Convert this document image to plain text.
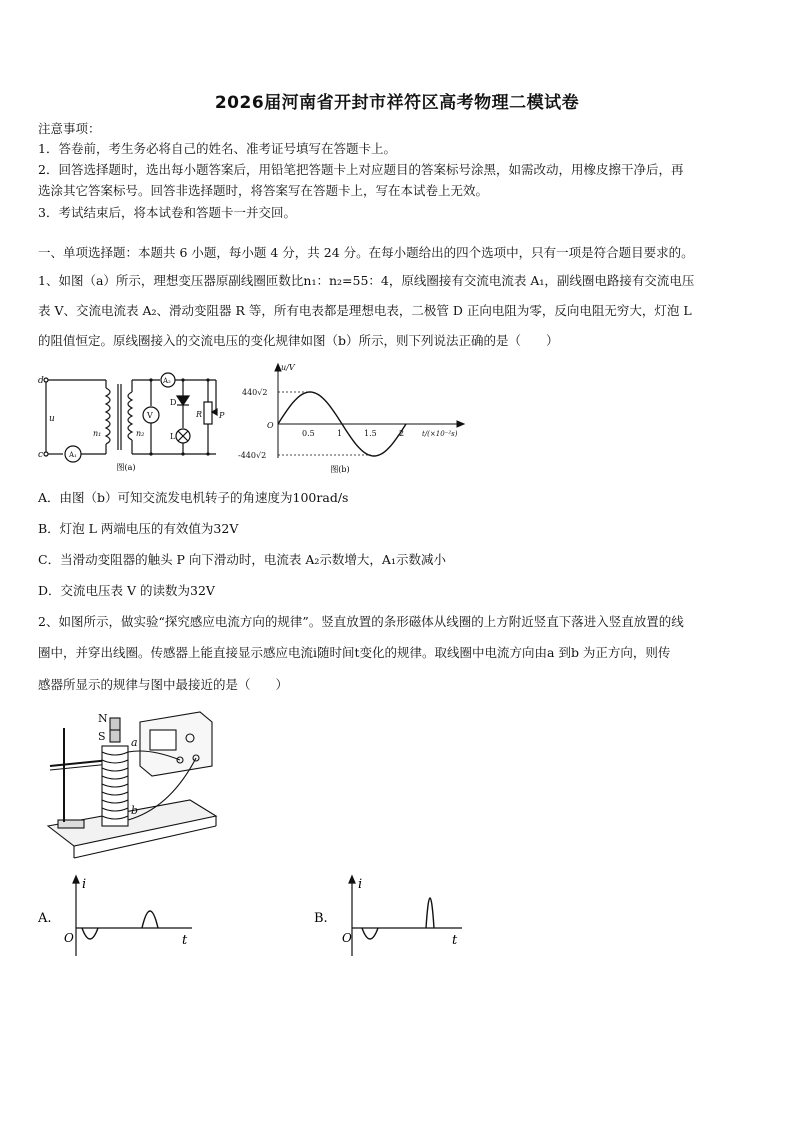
2026届河南省开封市祥符区高考物理二模试卷
注意事项：
1．答卷前，考生务必将自己的姓名、准考证号填写在答题卡上。
2．回答选择题时，选出每小题答案后，用铅笔把答题卡上对应题目的答案标号涂黑，如需改动，用橡皮擦干净后，再
选涂其它答案标号。回答非选择题时，将答案写在答题卡上，写在本试卷上无效。
3．考试结束后，将本试卷和答题卡一并交回。
一、单项选择题：本题共 6 小题，每小题 4 分，共 24 分。在每小题给出的四个选项中，只有一项是符合题目要求的。
1、如图（a）所示，理想变压器原副线圈匝数比n₁：n₂=55：4，原线圈接有交流电流表 A₁，副线圈电路接有交流电压
表 V、交流电流表 A₂、滑动变阻器 R 等，所有电表都是理想电表，二极管 D 正向电阻为零，反向电阻无穷大，灯泡 L
的阻值恒定。原线圈接入的交流电压的变化规律如图（b）所示，则下列说法正确的是（　　）
d
u
c	A₁
n₁	n₂
A₂
V
D
L
R P
图(a)
u/V
440√2
-440√2
O
0.5	1	1.5	2	t/(×10⁻²s)
图(b)
A．由图（b）可知交流发电机转子的角速度为100rad/s
B．灯泡 L 两端电压的有效值为32V
C．当滑动变阻器的触头 P 向下滑动时，电流表 A₂示数增大，A₁示数减小
D．交流电压表 V 的读数为32V
2、如图所示，做实验“探究感应电流方向的规律”。竖直放置的条形磁体从线圈的上方附近竖直下落进入竖直放置的线
圈中，并穿出线圈。传感器上能直接显示感应电流i随时间t变化的规律。取线圈中电流方向由a 到b 为正方向，则传
感器所显示的规律与图中最接近的是（　　）
N
S a
b
A.
i
O	t
B.
i
O	t
